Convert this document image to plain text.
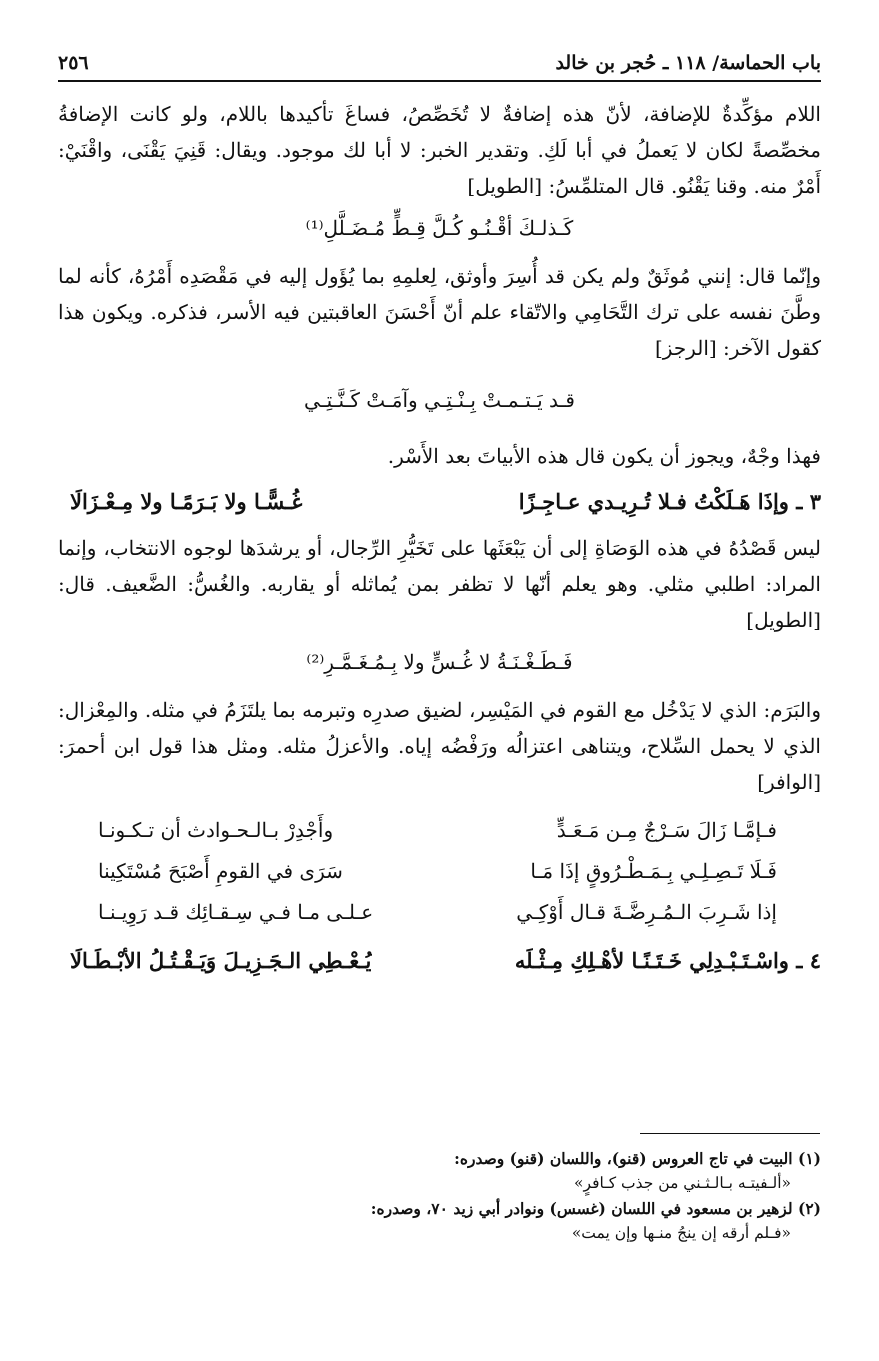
باب الحماسة/ ١١٨ ـ حُجر بن خالد
٢٥٦

اللام مؤكِّدةٌ للإضافة، لأنّ هذه إضافةٌ لا تُخَصِّصُ، فساغَ تأكيدها باللام، ولو كانت الإضافةُ مخصِّصةً لكان لا يَعملُ في أبا لَكِ. وتقدير الخبر: لا أبا لك موجود. ويقال: قَنِيَ يَقْنَى، واقْنَيْ: أَمْرٌ منه. وقنا يَقْنُو. قال المتلمِّسُ: [الطويل]

كَـذلـكَ أقْـنُـو كُـلَّ قِـطٍّ مُـضَـلَّلِ⁽¹⁾

وإنّما قال: إنني مُوثَقٌ ولم يكن قد أُسِرَ وأوثق، لِعلمِهِ بما يُؤَول إليه في مَقْصَدِه أَمْرُهُ، كأنه لما وطَّنَ نفسه على ترك التَّحَامِي والاتّقاء علم أنّ أَحْسَنَ العاقبتين فيه الأسر، فذكره. ويكون هذا كقول الآخر: [الرجز]

قـد يَـتـمـتْ بِـنْـتِـي وآمَـتْ كَـنَّـتِـي

فهذا وجْهٌ، ويجوز أن يكون قال هذه الأبياتَ بعد الأَسْر.

٣ ـ وإذَا هَـلَكْتُ فـلا تُـرِيـدي عـاجِـزًا
غُـسًّـا ولا بَـرَمًـا ولا مِـعْـزَالَا

ليس قَصْدُهُ في هذه الوَصَاةِ إلى أن يَبْعَثَها على تَخَيُّرِ الرِّجال، أو يرشدَها لوجوه الانتخاب، وإنما المراد: اطلبي مثلي. وهو يعلم أنّها لا تظفر بمن يُماثله أو يقاربه. والغُسُّ: الضَّعيف. قال: [الطويل]

فَـطَـغْـنَـةُ لا غُـسٍّ ولا بِـمُـغَـمَّـرِ⁽²⁾

والبَرَم: الذي لا يَدْخُل مع القوم في المَيْسِر، لضيق صدرِه وتبرمه بما يلتَزَمُ في مثله. والمِعْزال: الذي لا يحمل السِّلاح، ويتناهى اعتزالُه ورَفْضُه إياه. والأعزلُ مثله. ومثل هذا قول ابن أحمرَ: [الوافر]

فـإمَّـا زَالَ سَـرْجٌ مِـن مَـعَـدٍّ
وأَجْدِرْ بـالـحـوادث أن تـكـونـا
فَـلَا تَـصِـلِـي بِـمَـطْـرُوقٍ إذَا مَـا
سَرَى في القومِ أَصْبَحَ مُسْتَكِينا
إذا شَـرِبَ الـمُـرِضَّـةَ قـال أَوْكِـي
عـلـى مـا فـي سِـقـائِك قـد رَوِيـنـا
٤ ـ واسْـتَـبْـدِلِي خَـتَـنًـا لأهْـلِكِ مِـثْـلَه
يُـعْـطِي الـجَـزِيـلَ وَيَـقْـتُـلُ الأبْـطَـالَا

(١) البيت في تاج العروس (قنو)، واللسان (قنو) وصدره:

«ألـفيتـه بـالـثـني من جذب كـافرٍ»

(٢) لزهير بن مسعود في اللسان (غسس) ونوادر أبي زيد ٧٠، وصدره:

«فـلم أرقه إن ينجُ منـها وإن يمت»
